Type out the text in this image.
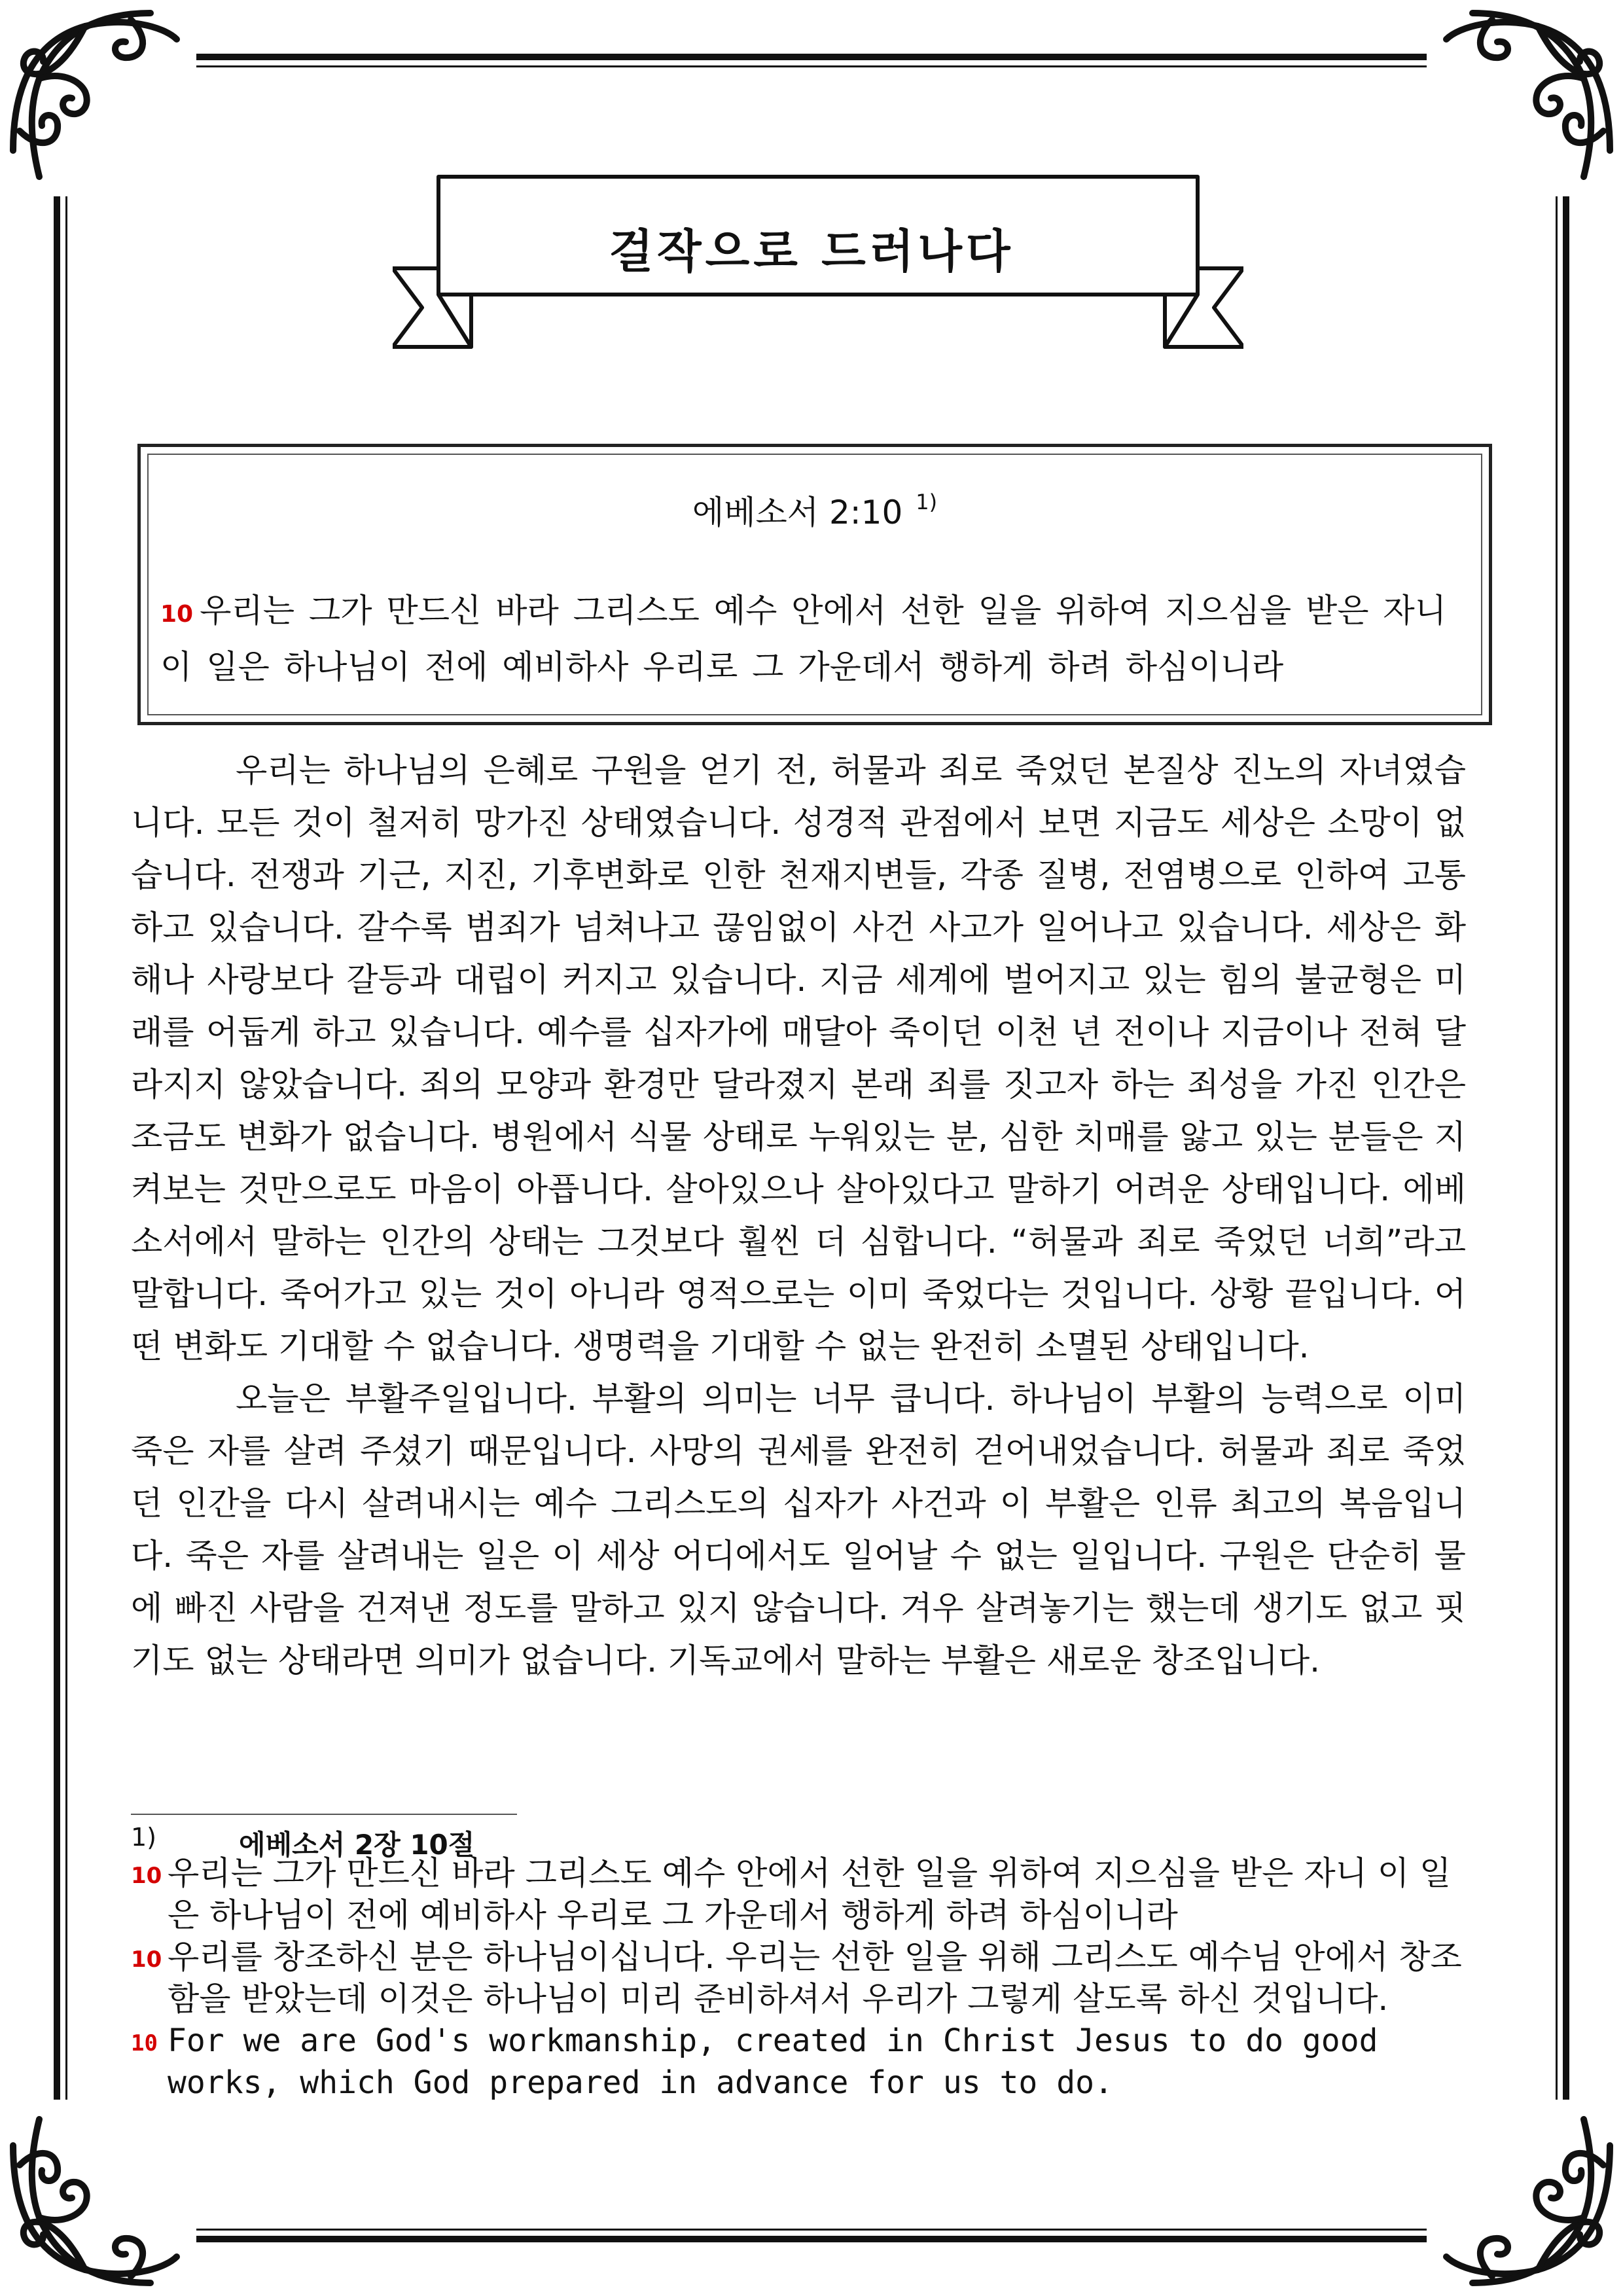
걸작으로 드러나다
에베소서 2:10 $^{1)}$
10 우리는 그가 만드신 바라 그리스도 예수 안에서 선한 일을 위하여 지으심을 받은 자니 이 일은 하나님이 전에 예비하사 우리로 그 가운데서 행하게 하려 하심이니라

우리는 하나님의 은혜로 구원을 얻기 전, 허물과 죄로 죽었던 본질상 진노의 자녀였습니다. 모든 것이 철저히 망가진 상태였습니다. 성경적 관점에서 보면 지금도 세상은 소망이 없습니다. 전쟁과 기근, 지진, 기후변화로 인한 천재지변들, 각종 질병, 전염병으로 인하여 고통하고 있습니다. 갈수록 범죄가 넘쳐나고 끊임없이 사건 사고가 일어나고 있습니다. 세상은 화해나 사랑보다 갈등과 대립이 커지고 있습니다. 지금 세계에 벌어지고 있는 힘의 불균형은 미래를 어둡게 하고 있습니다. 예수를 십자가에 매달아 죽이던 이천 년 전이나 지금이나 전혀 달라지지 않았습니다. 죄의 모양과 환경만 달라졌지 본래 죄를 짓고자 하는 죄성을 가진 인간은 조금도 변화가 없습니다. 병원에서 식물 상태로 누워있는 분, 심한 치매를 앓고 있는 분들은 지켜보는 것만으로도 마음이 아픕니다. 살아있으나 살아있다고 말하기 어려운 상태입니다. 에베소서에서 말하는 인간의 상태는 그것보다 훨씬 더 심합니다. “허물과 죄로 죽었던 너희”라고 말합니다. 죽어가고 있는 것이 아니라 영적으로는 이미 죽었다는 것입니다. 상황 끝입니다. 어떤 변화도 기대할 수 없습니다. 생명력을 기대할 수 없는 완전히 소멸된 상태입니다.

오늘은 부활주일입니다. 부활의 의미는 너무 큽니다. 하나님이 부활의 능력으로 이미 죽은 자를 살려 주셨기 때문입니다. 사망의 권세를 완전히 걷어내었습니다. 허물과 죄로 죽었던 인간을 다시 살려내시는 예수 그리스도의 십자가 사건과 이 부활은 인류 최고의 복음입니다. 죽은 자를 살려내는 일은 이 세상 어디에서도 일어날 수 없는 일입니다. 구원은 단순히 물에 빠진 사람을 건져낸 정도를 말하고 있지 않습니다. 겨우 살려놓기는 했는데 생기도 없고 핏기도 없는 상태라면 의미가 없습니다. 기독교에서 말하는 부활은 새로운 창조입니다.

1)	에베소서 2장 10절
10 우리는 그가 만드신 바라 그리스도 예수 안에서 선한 일을 위하여 지으심을 받은 자니 이 일은 하나님이 전에 예비하사 우리로 그 가운데서 행하게 하려 하심이니라
10 우리를 창조하신 분은 하나님이십니다. 우리는 선한 일을 위해 그리스도 예수님 안에서 창조함을 받았는데 이것은 하나님이 미리 준비하셔서 우리가 그렇게 살도록 하신 것입니다.
10 For we are God's workmanship, created in Christ Jesus to do good works, which God prepared in advance for us to do.
